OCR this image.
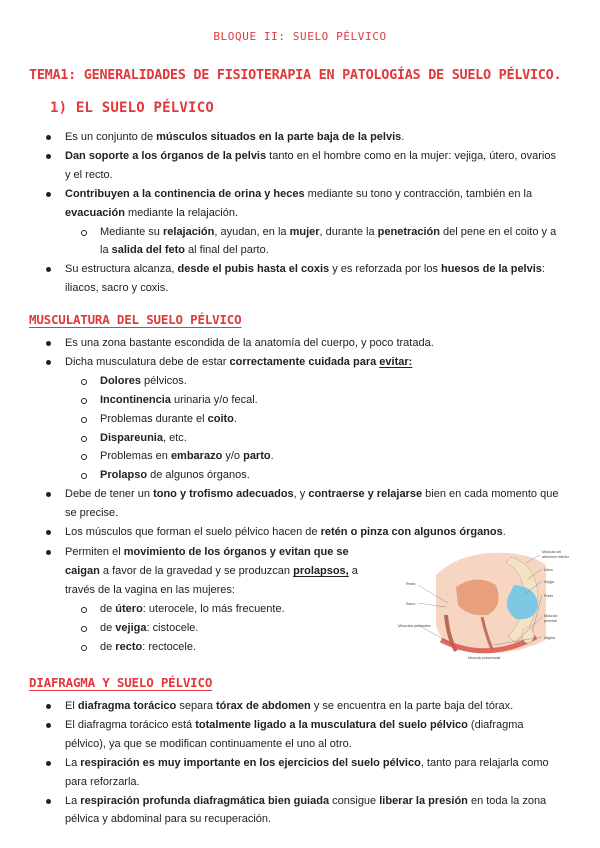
BLOQUE II: SUELO PÉLVICO
TEMA1: GENERALIDADES DE FISIOTERAPIA EN PATOLOGÍAS DE SUELO PÉLVICO.
1) EL SUELO PÉLVICO
Es un conjunto de músculos situados en la parte baja de la pelvis.
Dan soporte a los órganos de la pelvis tanto en el hombre como en la mujer: vejiga, útero, ovarios y el recto.
Contribuyen a la continencia de orina y heces mediante su tono y contracción, también en la evacuación mediante la relajación.
Mediante su relajación, ayudan, en la mujer, durante la penetración del pene en el coito y a la salida del feto al final del parto.
Su estructura alcanza, desde el pubis hasta el coxis y es reforzada por los huesos de la pelvis: iliacos, sacro y coxis.
MUSCULATURA DEL SUELO PÉLVICO
Es una zona bastante escondida de la anatomía del cuerpo, y poco tratada.
Dicha musculatura debe de estar correctamente cuidada para evitar:
Dolores pélvicos.
Incontinencia urinaria y/o fecal.
Problemas durante el coito.
Dispareunia, etc.
Problemas en embarazo y/o parto.
Prolapso de algunos órganos.
Debe de tener un tono y trofismo adecuados, y contraerse y relajarse bien en cada momento que se precise.
Los músculos que forman el suelo pélvico hacen de retén o pinza con algunos órganos.
Permiten el movimiento de los órganos y evitan que se caigan a favor de la gravedad y se produzcan prolapsos, a través de la vagina en las mujeres:
de útero: uterocele, lo más frecuente.
de vejiga: cistocele.
de recto: rectocele.
Músculo del
abdomen inferior
Recto
Útero
Vejiga
Sacro
Pubis
Músculos perineales
Músculo
perineal
Vagina
Músculo puborrectal
DIAFRAGMA Y SUELO PÉLVICO
El diafragma torácico separa tórax de abdomen y se encuentra en la parte baja del tórax.
El diafragma torácico está totalmente ligado a la musculatura del suelo pélvico (diafragma pélvico), ya que se modifican continuamente el uno al otro.
La respiración es muy importante en los ejercicios del suelo pélvico, tanto para relajarla como para reforzarla.
La respiración profunda diafragmática bien guiada consigue liberar la presión en toda la zona pélvica y abdominal para su recuperación.
